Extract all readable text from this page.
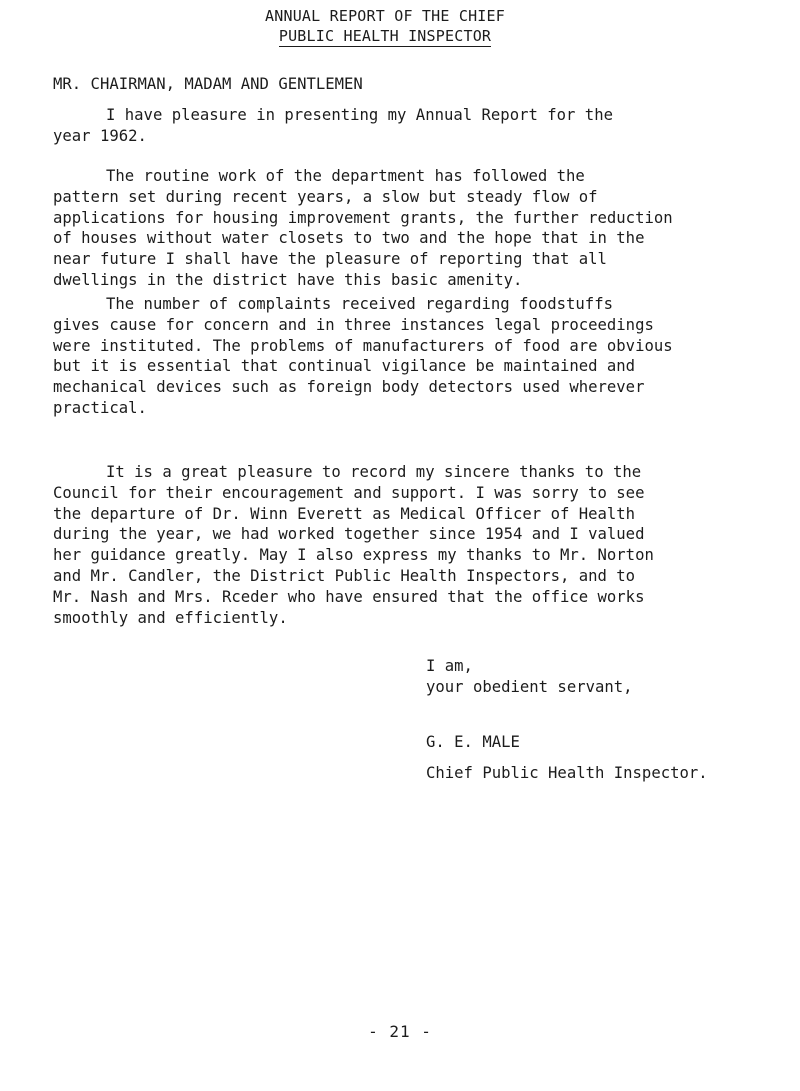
ANNUAL REPORT OF THE CHIEF
PUBLIC HEALTH INSPECTOR
MR. CHAIRMAN, MADAM AND GENTLEMEN
I have pleasure in presenting my Annual Report for the
year 1962.
The routine work of the department has followed the
pattern set during recent years, a slow but steady flow of
applications for housing improvement grants, the further reduction
of houses without water closets to two and the hope that in the
near future I shall have the pleasure of reporting that all
dwellings in the district have this basic amenity.
The number of complaints received regarding foodstuffs
gives cause for concern and in three instances legal proceedings
were instituted. The problems of manufacturers of food are obvious
but it is essential that continual vigilance be maintained and
mechanical devices such as foreign body detectors used wherever
practical.
It is a great pleasure to record my sincere thanks to the
Council for their encouragement and support. I was sorry to see
the departure of Dr. Winn Everett as Medical Officer of Health
during the year, we had worked together since 1954 and I valued
her guidance greatly. May I also express my thanks to Mr. Norton
and Mr. Candler, the District Public Health Inspectors, and to
Mr. Nash and Mrs. Rceder who have ensured that the office works
smoothly and efficiently.
I am,
your obedient servant,
G. E. MALE
Chief Public Health Inspector.
- 21 -
